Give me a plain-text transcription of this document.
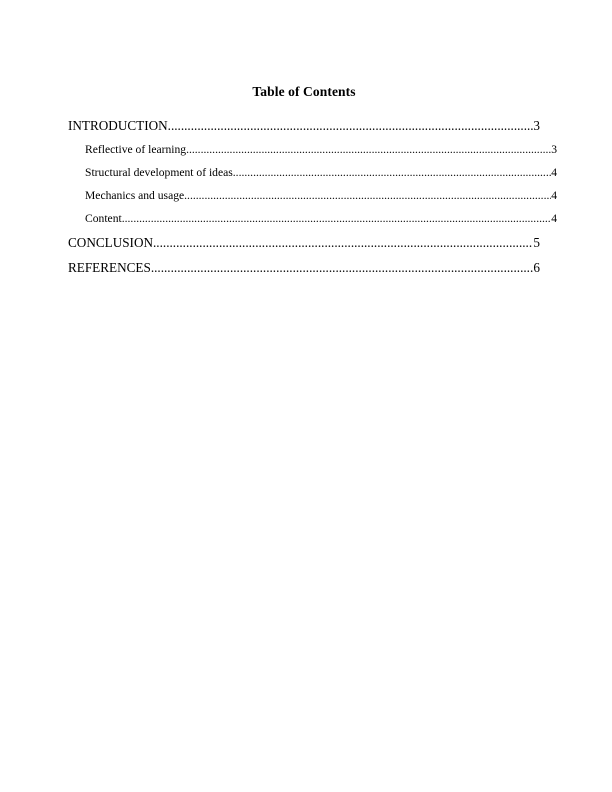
Table of Contents
INTRODUCTION .....	3
Reflective of learning .....	3
Structural development of ideas .....	4
Mechanics and usage .....	4
Content .....	4
CONCLUSION .....	5
REFERENCES .....	6
